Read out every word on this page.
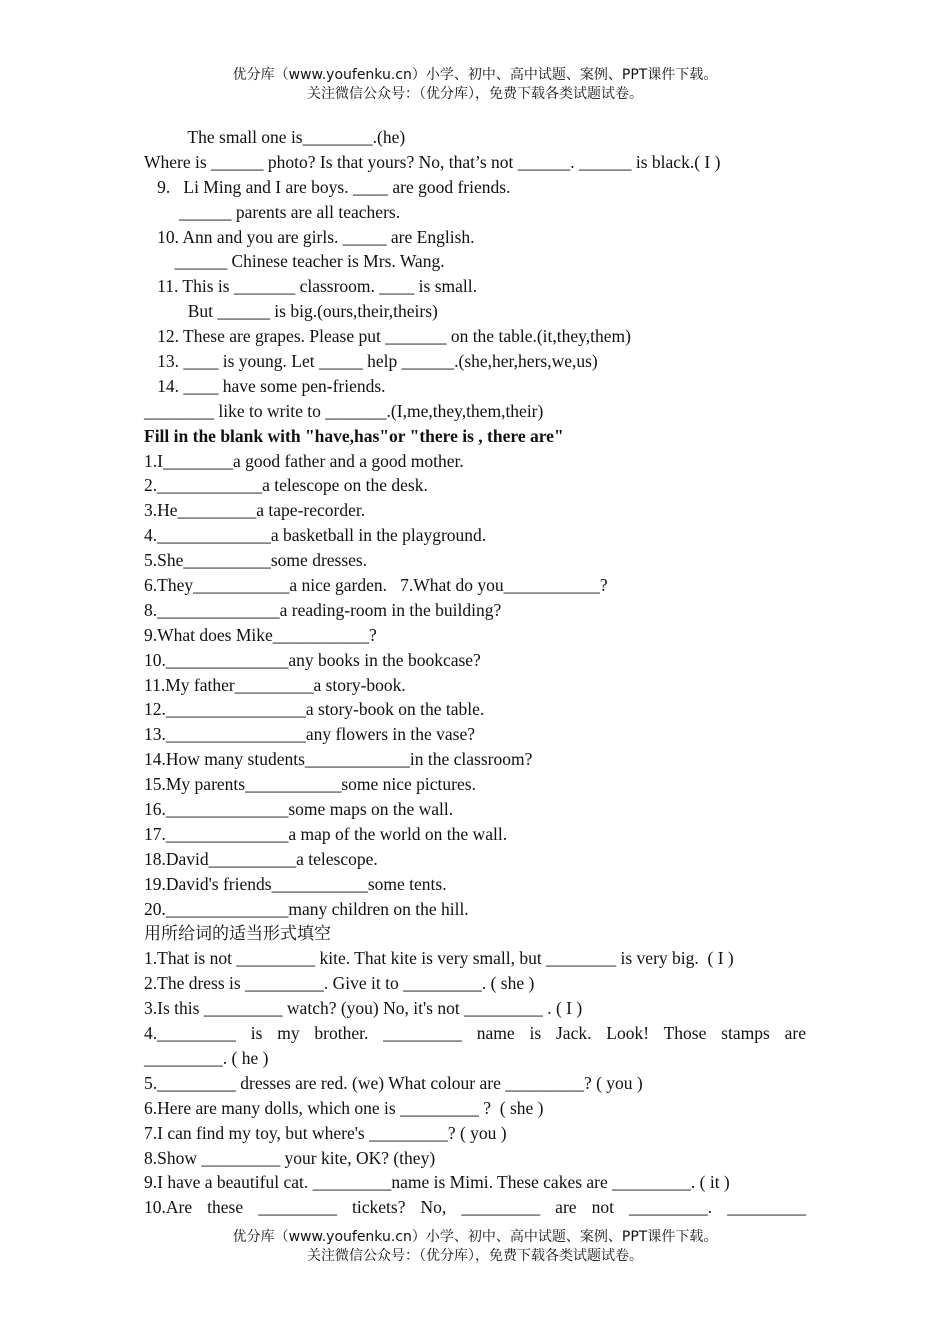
优分库（www.youfenku.cn）小学、初中、高中试题、案例、PPT课件下载。
关注微信公众号：（优分库），免费下载各类试题试卷。
The small one is________.(he)
Where is ______ photo? Is that yours? No, that’s not ______. ______ is black.( I )
9.   Li Ming and I are boys. ____ are good friends.
______ parents are all teachers.
10. Ann and you are girls. _____ are English.
______ Chinese teacher is Mrs. Wang.
11. This is _______ classroom. ____ is small.
But ______ is big.(ours,their,theirs)
12. These are grapes. Please put _______ on the table.(it,they,them)
13. ____ is young. Let _____ help ______.(she,her,hers,we,us)
14. ____ have some pen-friends.
________ like to write to _______.(I,me,they,them,their)
Fill in the blank with "have,has"or "there is , there are"
1.I________a good father and a good mother.
2.____________a telescope on the desk.
3.He_________a tape-recorder.
4._____________a basketball in the playground.
5.She__________some dresses.
6.They___________a nice garden.   7.What do you___________?
8.______________a reading-room in the building?
9.What does Mike___________?
10.______________any books in the bookcase?
11.My father_________a story-book.
12.________________a story-book on the table.
13.________________any flowers in the vase?
14.How many students____________in the classroom?
15.My parents___________some nice pictures.
16.______________some maps on the wall.
17.______________a map of the world on the wall.
18.David__________a telescope.
19.David's friends___________some tents.
20.______________many children on the hill.
用所给词的适当形式填空
1.That is not _________ kite. That kite is very small, but ________ is very big.  ( I )
2.The dress is _________. Give it to _________. ( she )
3.Is this _________ watch? (you) No, it's not _________ . ( I )
4._________ is my brother. _________ name is Jack. Look! Those stamps are
_________. ( he )
5._________ dresses are red. (we) What colour are _________? ( you )
6.Here are many dolls, which one is _________ ?  ( she )
7.I can find my toy, but where's _________? ( you )
8.Show _________ your kite, OK? (they)
9.I have a beautiful cat. _________name is Mimi. These cakes are _________. ( it )
10.Are these _________ tickets? No, _________ are not _________. _________
优分库（www.youfenku.cn）小学、初中、高中试题、案例、PPT课件下载。
关注微信公众号：（优分库），免费下载各类试题试卷。
